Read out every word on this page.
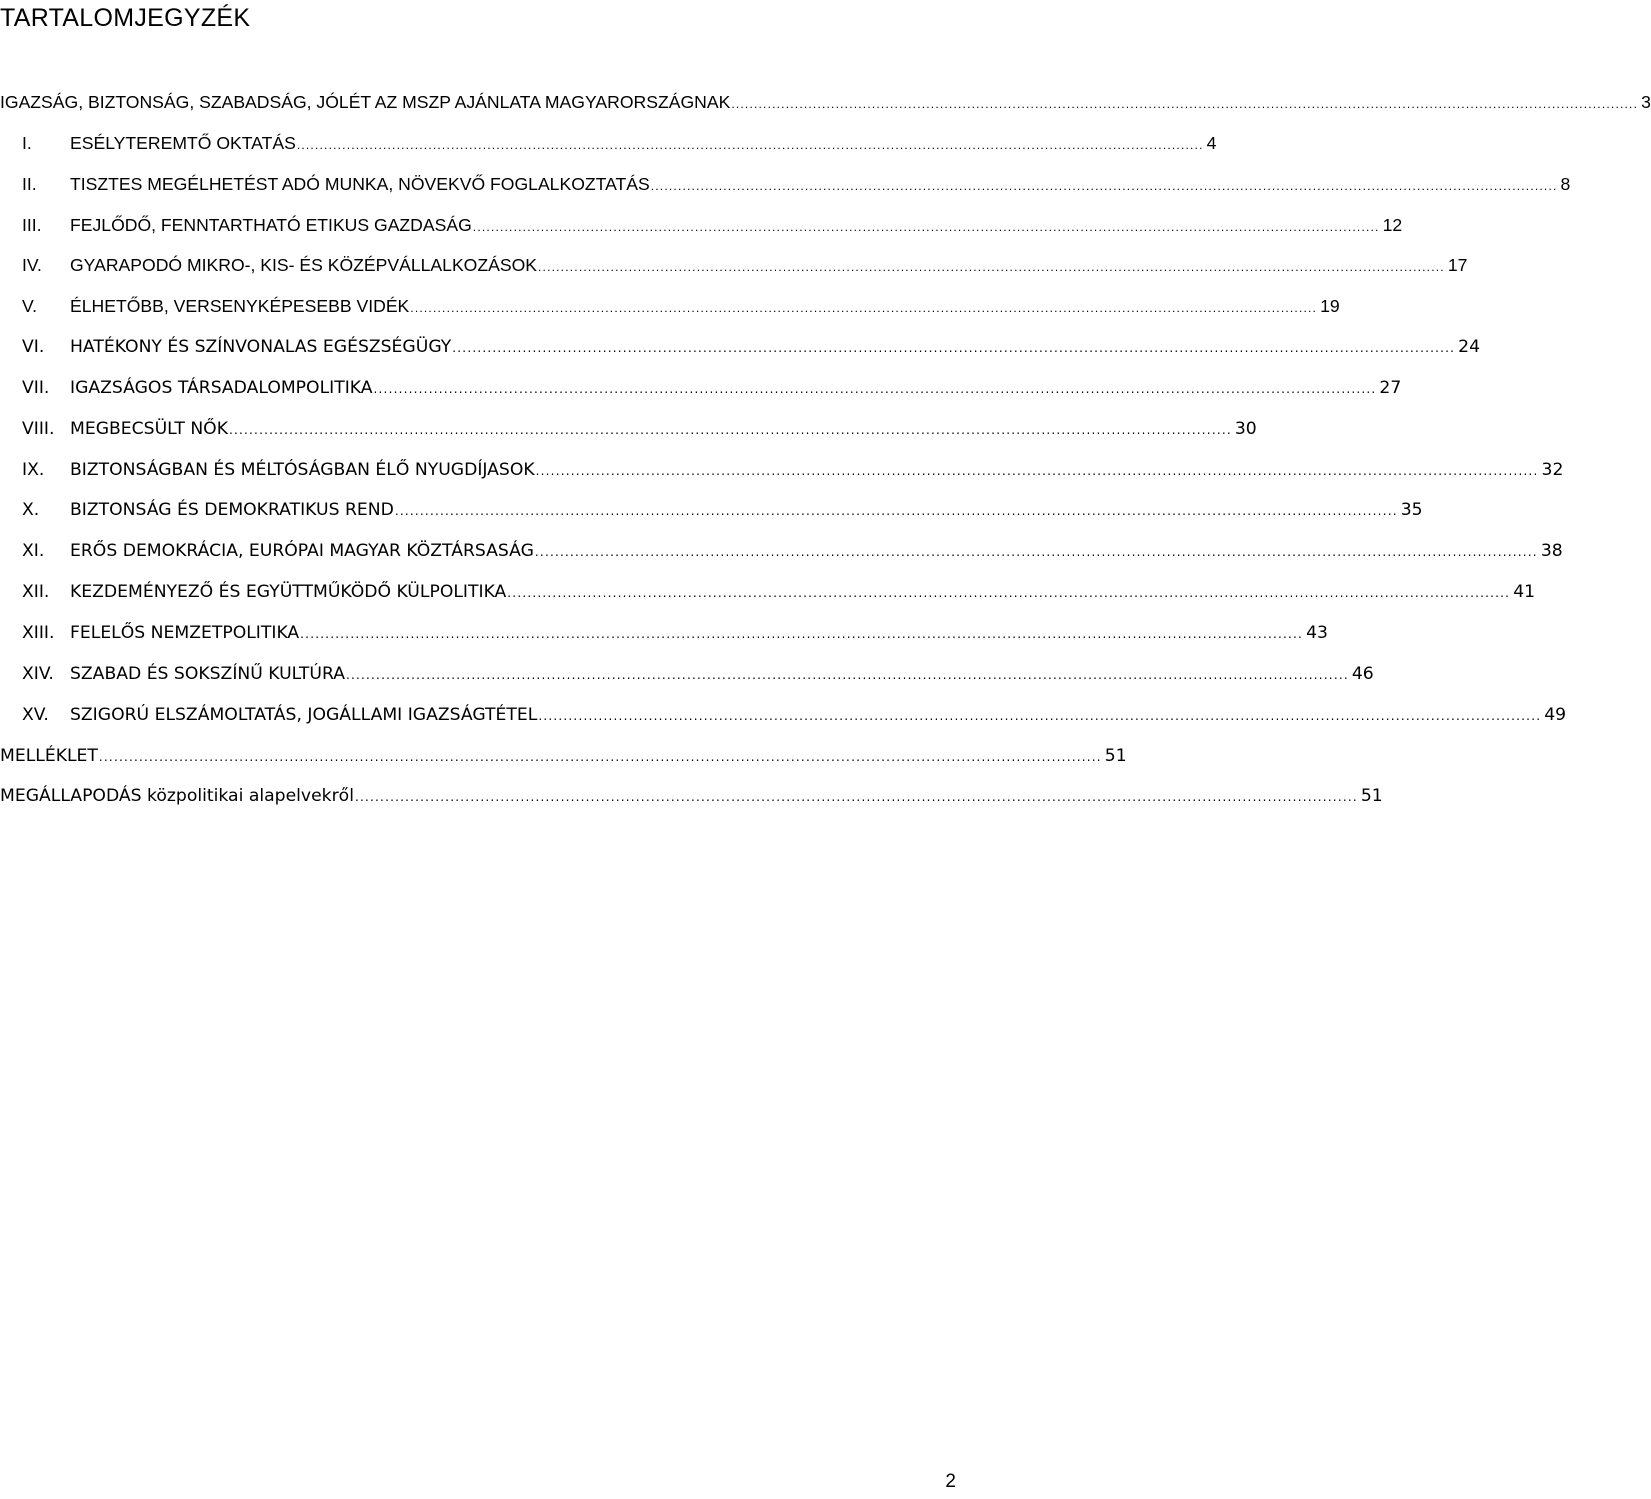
TARTALOMJEGYZÉK
IGAZSÁG, BIZTONSÁG, SZABADSÁG, JÓLÉT AZ MSZP AJÁNLATA MAGYARORSZÁGNAK ........................................................................................................................................................................................................ 3
I.	ESÉLYTEREMTŐ OKTATÁS ........................................................................................................................................................................................................ 4
II.	TISZTES MEGÉLHETÉST ADÓ MUNKA, NÖVEKVŐ FOGLALKOZTATÁS ........................................................................................................................................................................................................ 8
III.	FEJLŐDŐ, FENNTARTHATÓ ETIKUS GAZDASÁG ........................................................................................................................................................................................................ 12
IV.	GYARAPODÓ MIKRO-, KIS- ÉS KÖZÉPVÁLLALKOZÁSOK ........................................................................................................................................................................................................ 17
V.	ÉLHETŐBB, VERSENYKÉPESEBB VIDÉK ........................................................................................................................................................................................................ 19
VI.	HATÉKONY ÉS SZÍNVONALAS EGÉSZSÉGÜGY ........................................................................................................................................................................................................ 24
VII.	IGAZSÁGOS TÁRSADALOMPOLITIKA ........................................................................................................................................................................................................ 27
VIII. MEGBECSÜLT NŐK ........................................................................................................................................................................................................ 30
IX.	BIZTONSÁGBAN ÉS MÉLTÓSÁGBAN ÉLŐ NYUGDÍJASOK ........................................................................................................................................................................................................ 32
X.	BIZTONSÁG ÉS DEMOKRATIKUS REND ........................................................................................................................................................................................................ 35
XI.	ERŐS DEMOKRÁCIA, EURÓPAI MAGYAR KÖZTÁRSASÁG ........................................................................................................................................................................................................ 38
XII.	KEZDEMÉNYEZŐ ÉS EGYÜTTMŰKÖDŐ KÜLPOLITIKA ........................................................................................................................................................................................................ 41
XIII. FELELŐS NEMZETPOLITIKA ........................................................................................................................................................................................................ 43
XIV. SZABAD ÉS SOKSZÍNŰ KULTÚRA ........................................................................................................................................................................................................ 46
XV.	SZIGORÚ ELSZÁMOLTATÁS, JOGÁLLAMI IGAZSÁGTÉTEL ........................................................................................................................................................................................................ 49
MELLÉKLET ........................................................................................................................................................................................................ 51
MEGÁLLAPODÁS közpolitikai alapelvekről ........................................................................................................................................................................................................ 51
2
